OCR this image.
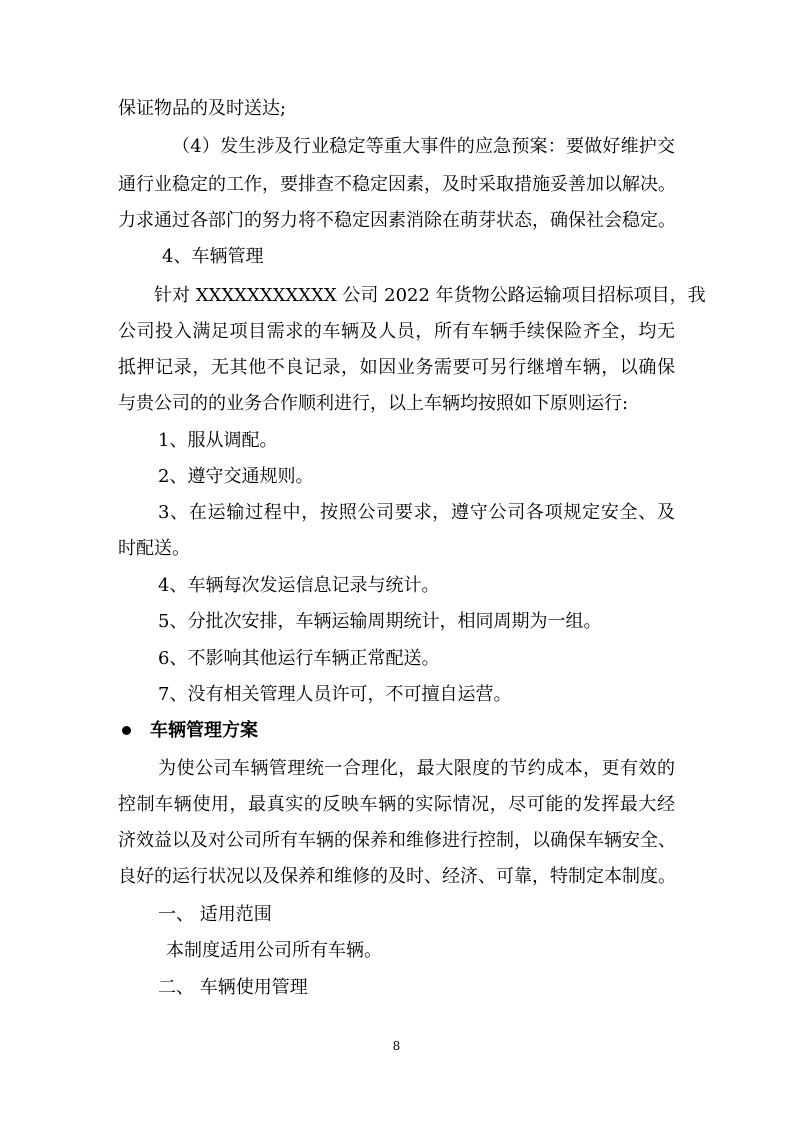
保证物品的及时送达;
（4）发生涉及行业稳定等重大事件的应急预案：要做好维护交
通行业稳定的工作，要排查不稳定因素，及时采取措施妥善加以解决。
力求通过各部门的努力将不稳定因素消除在萌芽状态，确保社会稳定。
4、车辆管理
针对 XXXXXXXXXXX 公司 2022 年货物公路运输项目招标项目，我
公司投入满足项目需求的车辆及人员，所有车辆手续保险齐全，均无
抵押记录，无其他不良记录，如因业务需要可另行继增车辆，以确保
与贵公司的的业务合作顺利进行，以上车辆均按照如下原则运行:
1、服从调配。
2、遵守交通规则。
3、在运输过程中，按照公司要求，遵守公司各项规定安全、及
时配送。
4、车辆每次发运信息记录与统计。
5、分批次安排，车辆运输周期统计，相同周期为一组。
6、不影响其他运行车辆正常配送。
7、没有相关管理人员许可，不可擅自运营。
车辆管理方案
为使公司车辆管理统一合理化，最大限度的节约成本，更有效的
控制车辆使用，最真实的反映车辆的实际情况，尽可能的发挥最大经
济效益以及对公司所有车辆的保养和维修进行控制，以确保车辆安全、
良好的运行状况以及保养和维修的及时、经济、可靠，特制定本制度。
一、 适用范围
本制度适用公司所有车辆。
二、 车辆使用管理
8
